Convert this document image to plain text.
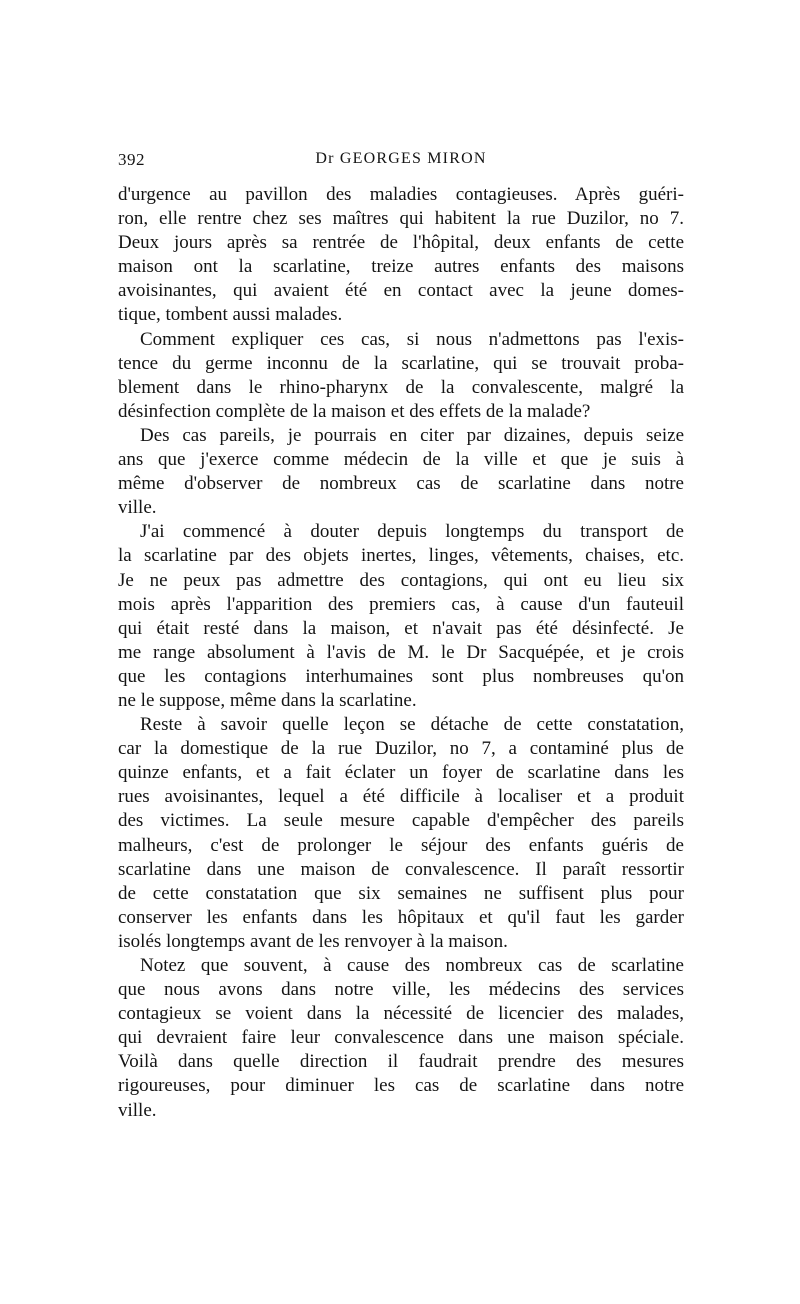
392	Dr GEORGES MIRON
d'urgence au pavillon des maladies contagieuses. Après guéri-
ron, elle rentre chez ses maîtres qui habitent la rue Duzilor, no 7.
Deux jours après sa rentrée de l'hôpital, deux enfants de cette
maison ont la scarlatine, treize autres enfants des maisons
avoisinantes, qui avaient été en contact avec la jeune domes-
tique, tombent aussi malades.
Comment expliquer ces cas, si nous n'admettons pas l'exis-
tence du germe inconnu de la scarlatine, qui se trouvait proba-
blement dans le rhino-pharynx de la convalescente, malgré la
désinfection complète de la maison et des effets de la malade?
Des cas pareils, je pourrais en citer par dizaines, depuis seize
ans que j'exerce comme médecin de la ville et que je suis à
même d'observer de nombreux cas de scarlatine dans notre
ville.
J'ai commencé à douter depuis longtemps du transport de
la scarlatine par des objets inertes, linges, vêtements, chaises, etc.
Je ne peux pas admettre des contagions, qui ont eu lieu six
mois après l'apparition des premiers cas, à cause d'un fauteuil
qui était resté dans la maison, et n'avait pas été désinfecté. Je
me range absolument à l'avis de M. le Dr Sacquépée, et je crois
que les contagions interhumaines sont plus nombreuses qu'on
ne le suppose, même dans la scarlatine.
Reste à savoir quelle leçon se détache de cette constatation,
car la domestique de la rue Duzilor, no 7, a contaminé plus de
quinze enfants, et a fait éclater un foyer de scarlatine dans les
rues avoisinantes, lequel a été difficile à localiser et a produit
des victimes. La seule mesure capable d'empêcher des pareils
malheurs, c'est de prolonger le séjour des enfants guéris de
scarlatine dans une maison de convalescence. Il paraît ressortir
de cette constatation que six semaines ne suffisent plus pour
conserver les enfants dans les hôpitaux et qu'il faut les garder
isolés longtemps avant de les renvoyer à la maison.
Notez que souvent, à cause des nombreux cas de scarlatine
que nous avons dans notre ville, les médecins des services
contagieux se voient dans la nécessité de licencier des malades,
qui devraient faire leur convalescence dans une maison spéciale.
Voilà dans quelle direction il faudrait prendre des mesures
rigoureuses, pour diminuer les cas de scarlatine dans notre
ville.
